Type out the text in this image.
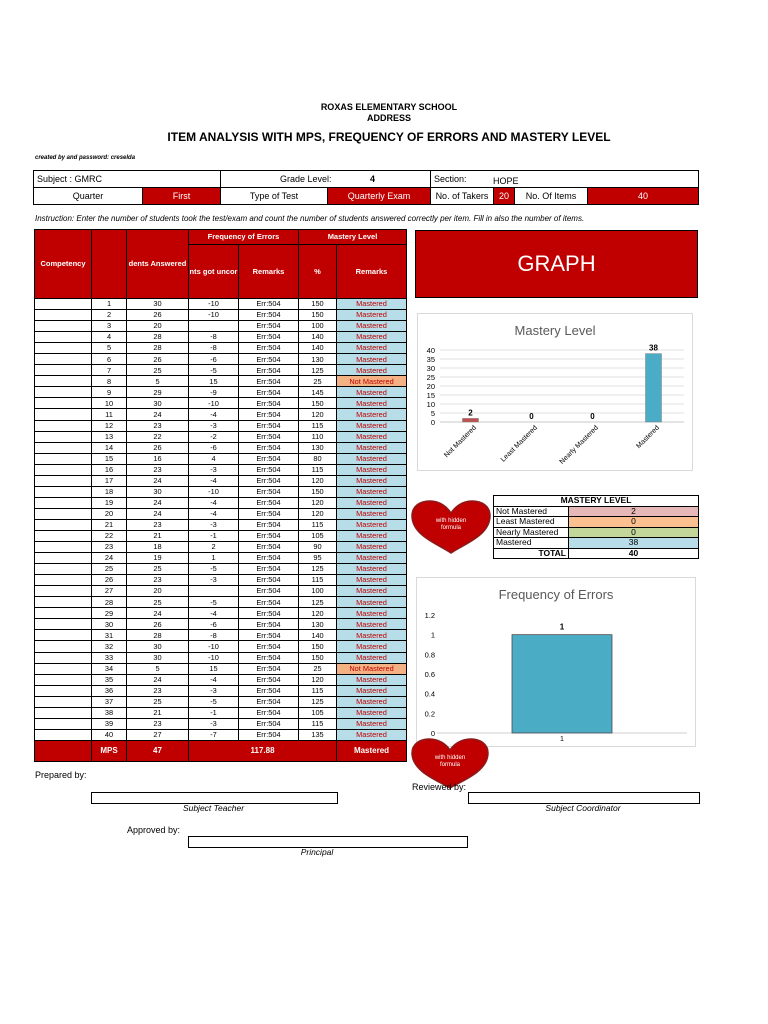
ROXAS ELEMENTARY SCHOOL
ADDRESS
ITEM ANALYSIS WITH MPS, FREQUENCY OF ERRORS AND MASTERY LEVEL
created by and password: creselda
Subject : GMRC		Grade Level: 4		Section: HOPE			
Quarter	First	Type of Test	Quarterly Exam	No. of Takers	20	No. Of Items	40
Instruction: Enter the number of students took the test/exam and count the number of students answered correctly per item. Fill in also the number of items.
Competency		dents Answered	Frequency of Errors		Mastery Level	
			nts got uncor	Remarks	%	Remarks
	1	30	-10	Err:504	150	Mastered
	2	26	-10	Err:504	150	Mastered
	3	20		Err:504	100	Mastered
	4	28	-8	Err:504	140	Mastered
	5	28	-8	Err:504	140	Mastered
	6	26	-6	Err:504	130	Mastered
	7	25	-5	Err:504	125	Mastered
	8	5	15	Err:504	25	Not Mastered
	9	29	-9	Err:504	145	Mastered
	10	30	-10	Err:504	150	Mastered
	11	24	-4	Err:504	120	Mastered
	12	23	-3	Err:504	115	Mastered
	13	22	-2	Err:504	110	Mastered
	14	26	-6	Err:504	130	Mastered
	15	16	4	Err:504	80	Mastered
	16	23	-3	Err:504	115	Mastered
	17	24	-4	Err:504	120	Mastered
	18	30	-10	Err:504	150	Mastered
	19	24	-4	Err:504	120	Mastered
	20	24	-4	Err:504	120	Mastered
	21	23	-3	Err:504	115	Mastered
	22	21	-1	Err:504	105	Mastered
	23	18	2	Err:504	90	Mastered
	24	19	1	Err:504	95	Mastered
	25	25	-5	Err:504	125	Mastered
	26	23	-3	Err:504	115	Mastered
	27	20		Err:504	100	Mastered
	28	25	-5	Err:504	125	Mastered
	29	24	-4	Err:504	120	Mastered
	30	26	-6	Err:504	130	Mastered
	31	28	-8	Err:504	140	Mastered
	32	30	-10	Err:504	150	Mastered
	33	30	-10	Err:504	150	Mastered
	34	5	15	Err:504	25	Not Mastered
	35	24	-4	Err:504	120	Mastered
	36	23	-3	Err:504	115	Mastered
	37	25	-5	Err:504	125	Mastered
	38	21	-1	Err:504	105	Mastered
	39	23	-3	Err:504	115	Mastered
	40	27	-7	Err:504	135	Mastered
	MPS	47	117.88			Mastered
GRAPH
Mastery Level
0
5
10
15
20
25
30
35
40
2
Not Mastered
0
Least Mastered
0
Nearly Mastered
38
Mastered
Frequency of Errors
0
0.2
0.4
0.6
0.8
1
1.2
1
1
with hidden
formula
with hidden
formula
MASTERY LEVEL	
Not Mastered	2
Least Mastered	0
Nearly Mastered	0
Mastered	38
TOTAL	40
Prepared by:
Subject Teacher
Reviewed by:
Subject Coordinator
Approved by:
Principal
